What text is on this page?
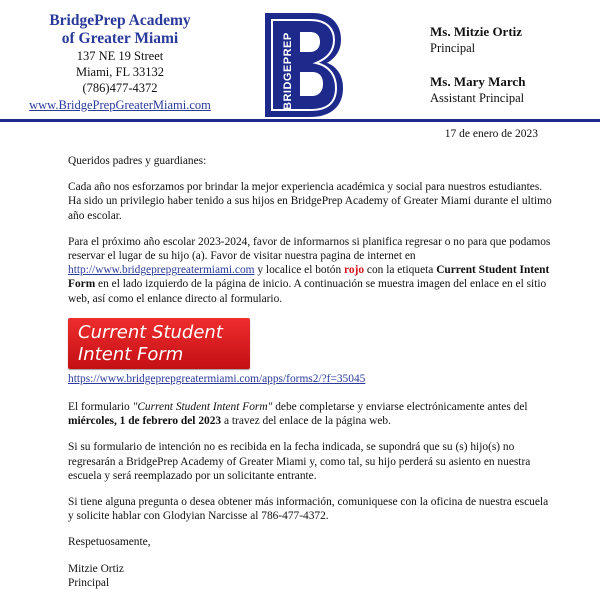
BridgePrep Academy
of Greater Miami
137 NE 19 Street
Miami, FL 33132
(786)477-4372
www.BridgePrepGreaterMiami.com	BRIDGEPREP
Ms. Mitzie Ortiz
Principal
Ms. Mary March
Assistant Principal
17 de enero de 2023

Queridos padres y guardianes:

Cada año nos esforzamos por brindar la mejor experiencia académica y social para nuestros estudiantes. Ha sido un privilegio haber tenido a sus hijos en BridgePrep Academy of Greater Miami durante el ultimo año escolar.

Para el próximo año escolar 2023-2024, favor de informarnos si planifica regresar o no para que podamos reservar el lugar de su hijo (a). Favor de visitar nuestra pagina de internet en http://www.bridgeprepgreatermiami.com y localice el botón rojo con la etiqueta Current Student Intent Form en el lado izquierdo de la página de inicio. A continuación se muestra imagen del enlace en el sitio web, así como el enlance directo al formulario.

Current Student
Intent Form
https://www.bridgeprepgreatermiami.com/apps/forms2/?f=35045

El formulario "Current Student Intent Form" debe completarse y enviarse electrónicamente antes del miércoles, 1 de febrero del 2023 a travez del enlace de la página web.

Si su formulario de intención no es recibida en la fecha indicada, se supondrá que su (s) hijo(s) no regresarán a BridgePrep Academy of Greater Miami y, como tal, su hijo perderá su asiento en nuestra escuela y será reemplazado por un solicitante entrante.

Si tiene alguna pregunta o desea obtener más información, comuniquese con la oficina de nuestra escuela y solicite hablar con Glodyian Narcisse al 786-477-4372.

Respetuosamente,

Mitzie Ortiz
Principal
